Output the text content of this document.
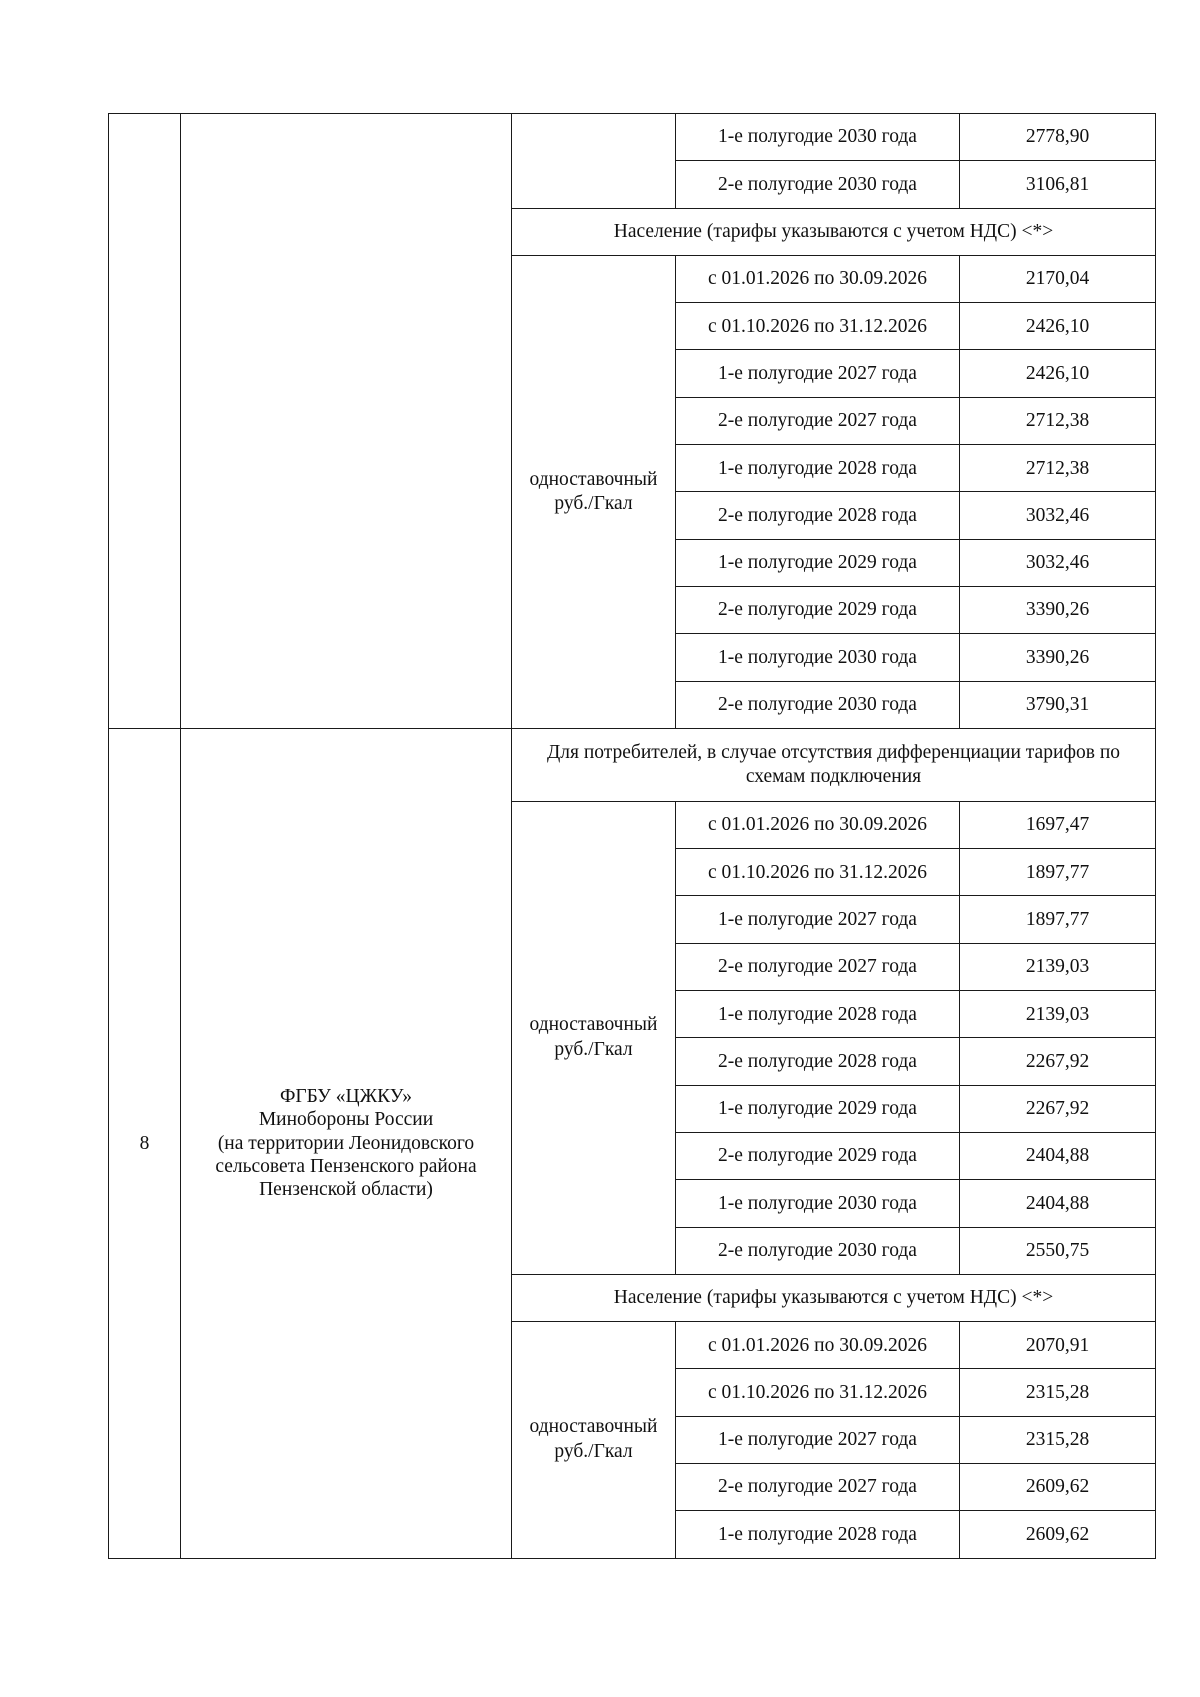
			1-е полугодие 2030 года	2778,90
			2-е полугодие 2030 года	3106,81
		Население (тарифы указываются с учетом НДС) <*>		

		одноставочный
руб./Гкал	с 01.01.2026 по 30.09.2026	2170,04
			с 01.10.2026 по 31.12.2026	2426,10
			1-е полугодие 2027 года	2426,10
			2-е полугодие 2027 года	2712,38
			1-е полугодие 2028 года	2712,38
			2-е полугодие 2028 года	3032,46
			1-е полугодие 2029 года	3032,46
			2-е полугодие 2029 года	3390,26
			1-е полугодие 2030 года	3390,26
			2-е полугодие 2030 года	3790,31
8	ФГБУ «ЦЖКУ»
Минобороны России
(на территории Леонидовского
сельсовета Пензенского района
Пензенской области)	Для потребителей, в случае отсутствия дифференциации тарифов по схемам подключения		

		одноставочный
руб./Гкал	с 01.01.2026 по 30.09.2026	1697,47
			с 01.10.2026 по 31.12.2026	1897,77
			1-е полугодие 2027 года	1897,77
			2-е полугодие 2027 года	2139,03
			1-е полугодие 2028 года	2139,03
			2-е полугодие 2028 года	2267,92
			1-е полугодие 2029 года	2267,92
			2-е полугодие 2029 года	2404,88
			1-е полугодие 2030 года	2404,88
			2-е полугодие 2030 года	2550,75
		Население (тарифы указываются с учетом НДС) <*>		

		одноставочный
руб./Гкал	с 01.01.2026 по 30.09.2026	2070,91
			с 01.10.2026 по 31.12.2026	2315,28
			1-е полугодие 2027 года	2315,28
			2-е полугодие 2027 года	2609,62
			1-е полугодие 2028 года	2609,62
